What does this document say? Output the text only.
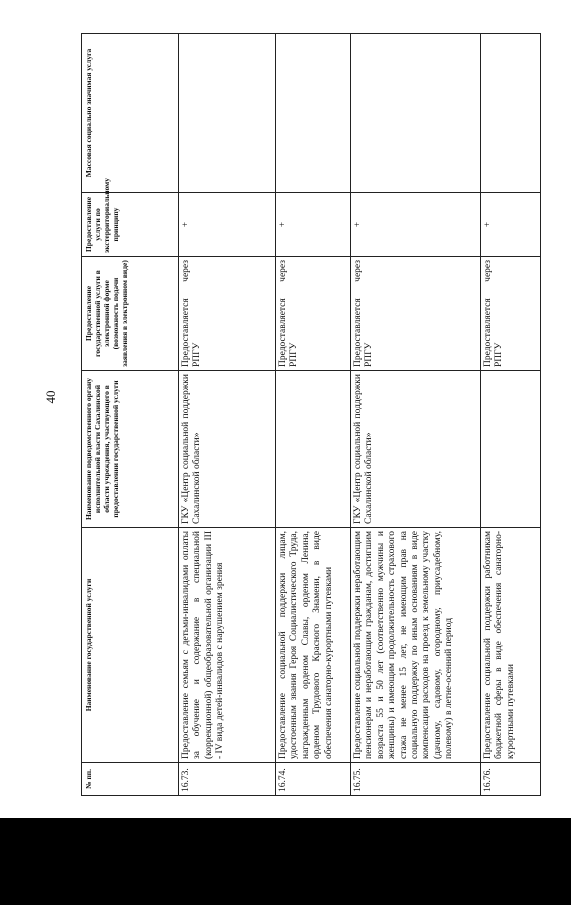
40
№ пп.	Наименование государственной услуги	Наименование подведомственного органу исполнительной власти Сахалинской области учреждения, участвующего в предоставлении государственной услуги	Предоставление государственной услуги в электронной форме (возможность подачи заявления в электронном виде)	Предоставление услуги по экстерриториальному принципу	Массовая социально значимая услуга
16.73.	Предоставление семьям с детьми-инвалидами оплаты за обучение и содержание в специальной (коррекционной) общеобразовательной организации III - IV вида детей-инвалидов с нарушением зрения	ГКУ «Центр социальной поддержки Сахалинской области»	Предоставляется через РПГУ	+	
16.74.	Предоставление социальной поддержки лицам, удостоенным звания Героя Социалистического Труда, награжденным орденом Славы, орденом Ленина, орденом Трудового Красного Знамени, в виде обеспечения санаторно-курортными путевками		Предоставляется через РПГУ	+	
16.75.	Предоставление социальной поддержки неработающим пенсионерам и неработающим гражданам, достигшим возраста 55 и 50 лет (соответственно мужчины и женщины) и имеющим продолжительность страхового стажа не менее 15 лет, не имеющим прав на социальную поддержку по иным основаниям в виде компенсации расходов на проезд к земельному участку (дачному, садовому, огородному, приусадебному, полевому) в летне-осенний период	ГКУ «Центр социальной поддержки Сахалинской области»	Предоставляется через РПГУ	+	
16.76.	Предоставление социальной поддержки работникам бюджетной сферы в виде обеспечения санаторно-курортными путевками		Предоставляется через РПГУ	+	
